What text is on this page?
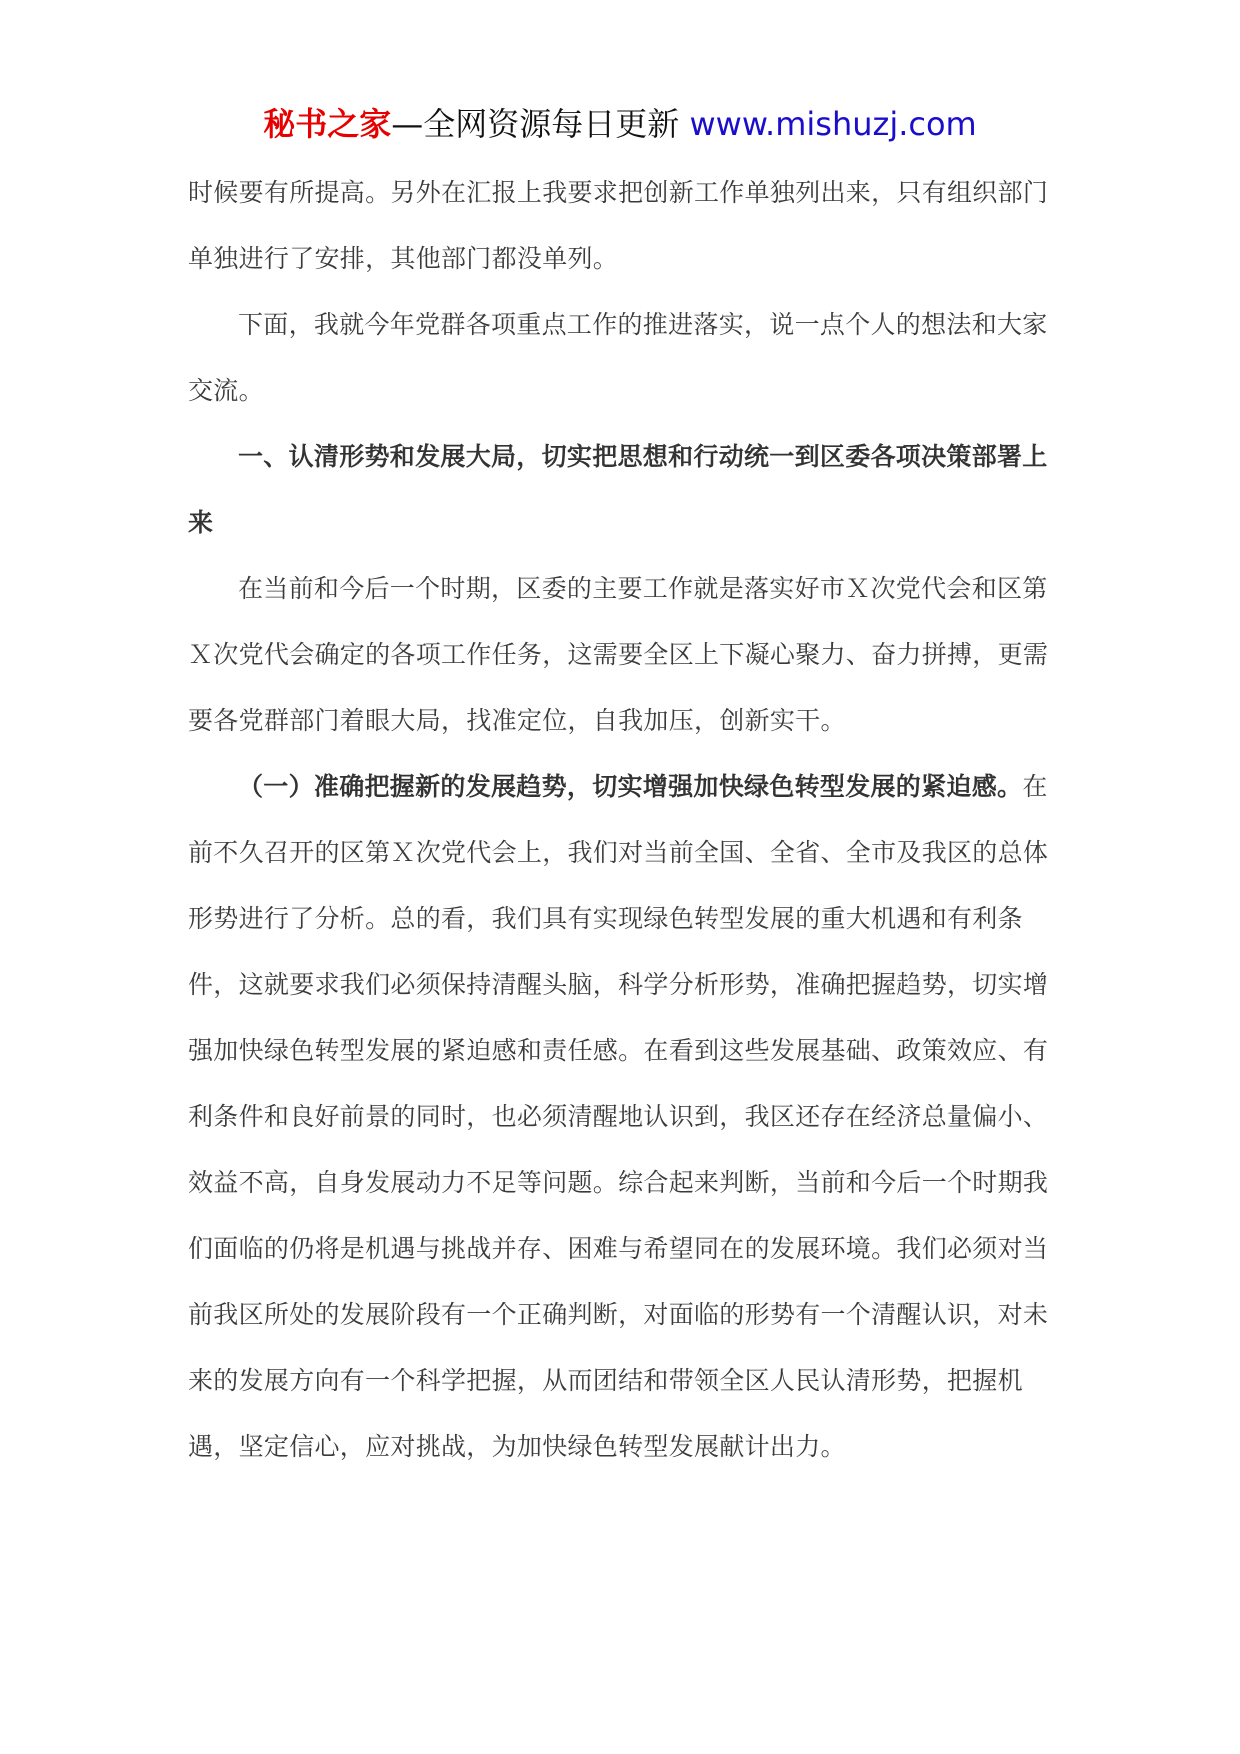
秘书之家—全网资源每日更新 www.mishuzj.com

时候要有所提高。另外在汇报上我要求把创新工作单独列出来，只有组织部门单独进行了安排，其他部门都没单列。

下面，我就今年党群各项重点工作的推进落实，说一点个人的想法和大家交流。

一、认清形势和发展大局，切实把思想和行动统一到区委各项决策部署上来

在当前和今后一个时期，区委的主要工作就是落实好市Ｘ次党代会和区第Ｘ次党代会确定的各项工作任务，这需要全区上下凝心聚力、奋力拼搏，更需要各党群部门着眼大局，找准定位，自我加压，创新实干。

（一）准确把握新的发展趋势，切实增强加快绿色转型发展的紧迫感。在前不久召开的区第Ｘ次党代会上，我们对当前全国、全省、全市及我区的总体形势进行了分析。总的看，我们具有实现绿色转型发展的重大机遇和有利条件，这就要求我们必须保持清醒头脑，科学分析形势，准确把握趋势，切实增强加快绿色转型发展的紧迫感和责任感。在看到这些发展基础、政策效应、有利条件和良好前景的同时，也必须清醒地认识到，我区还存在经济总量偏小、效益不高，自身发展动力不足等问题。综合起来判断，当前和今后一个时期我们面临的仍将是机遇与挑战并存、困难与希望同在的发展环境。我们必须对当前我区所处的发展阶段有一个正确判断，对面临的形势有一个清醒认识，对未来的发展方向有一个科学把握，从而团结和带领全区人民认清形势，把握机遇，坚定信心，应对挑战，为加快绿色转型发展献计出力。
